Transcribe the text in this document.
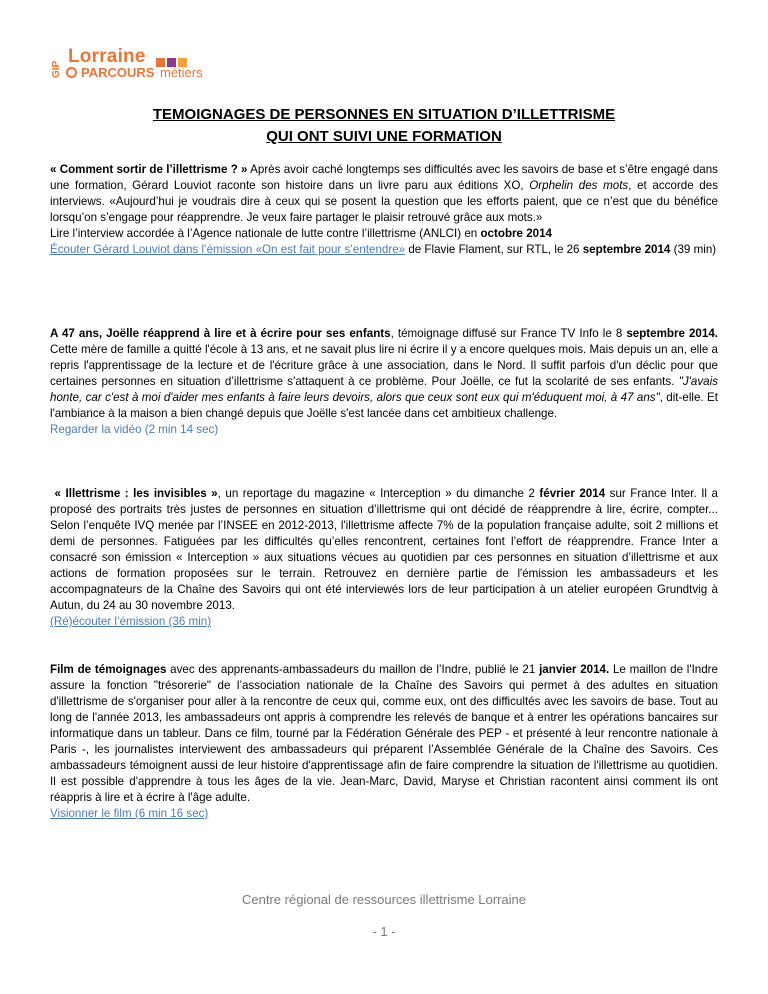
GIP
Lorraine
PARCOURS métiers
TEMOIGNAGES DE PERSONNES EN SITUATION D’ILLETTRISME
QUI ONT SUIVI UNE FORMATION

« Comment sortir de l’illettrisme ? » Après avoir caché longtemps ses difficultés avec les savoirs de base et s’être engagé dans une formation, Gérard Louviot raconte son histoire dans un livre paru aux éditions XO, Orphelin des mots, et accorde des interviews. «Aujourd’hui je voudrais dire à ceux qui se posent la question que les efforts paient, que ce n’est que du bénéfice lorsqu’on s’engage pour réapprendre. Je veux faire partager le plaisir retrouvé grâce aux mots.»

Lire l’interview accordée à l’Agence nationale de lutte contre l’illettrisme (ANLCI) en octobre 2014

Écouter Gérard Louviot dans l’émission «On est fait pour s’entendre» de Flavie Flament, sur RTL, le 26 septembre 2014 (39 min)

A 47 ans, Joëlle réapprend à lire et à écrire pour ses enfants, témoignage diffusé sur France TV Info le 8 septembre 2014. Cette mère de famille a quitté l'école à 13 ans, et ne savait plus lire ni écrire il y a encore quelques mois. Mais depuis un an, elle a repris l'apprentissage de la lecture et de l'écriture grâce à une association, dans le Nord. Il suffit parfois d'un déclic pour que certaines personnes en situation d’illettrisme s'attaquent à ce problème. Pour Joëlle, ce fut la scolarité de ses enfants. "J'avais honte, car c'est à moi d'aider mes enfants à faire leurs devoirs, alors que ceux sont eux qui m'éduquent moi, à 47 ans", dit-elle. Et l'ambiance à la maison a bien changé depuis que Joëlle s'est lancée dans cet ambitieux challenge.

Regarder la vidéo (2 min 14 sec)

« Illettrisme : les invisibles », un reportage du magazine « Interception » du dimanche 2 février 2014 sur France Inter. Il a proposé des portraits très justes de personnes en situation d’illettrisme qui ont décidé de réapprendre à lire, écrire, compter... Selon l’enquête IVQ menée par l’INSEE en 2012-2013, l'illettrisme affecte 7% de la population française adulte, soit 2 millions et demi de personnes. Fatiguées par les difficultés qu’elles rencontrent, certaines font l’effort de réapprendre. France Inter a consacré son émission « Interception » aux situations vécues au quotidien par ces personnes en situation d’illettrisme et aux actions de formation proposées sur le terrain. Retrouvez en dernière partie de l'émission les ambassadeurs et les accompagnateurs de la Chaîne des Savoirs qui ont été interviewés lors de leur participation à un atelier européen Grundtvig à Autun, du 24 au 30 novembre 2013.

(Ré)écouter l’émission (36 min)

Film de témoignages avec des apprenants-ambassadeurs du maillon de l’Indre, publié le 21 janvier 2014. Le maillon de l'Indre assure la fonction "trésorerie" de l’association nationale de la Chaîne des Savoirs qui permet à des adultes en situation d'illettrisme de s'organiser pour aller à la rencontre de ceux qui, comme eux, ont des difficultés avec les savoirs de base. Tout au long de l'année 2013, les ambassadeurs ont appris à comprendre les relevés de banque et à entrer les opérations bancaires sur informatique dans un tableur. Dans ce film, tourné par la Fédération Générale des PEP - et présenté à leur rencontre nationale à Paris -, les journalistes interviewent des ambassadeurs qui préparent l’Assemblée Générale de la Chaîne des Savoirs. Ces ambassadeurs témoignent aussi de leur histoire d'apprentissage afin de faire comprendre la situation de l'illettrisme au quotidien. Il est possible d'apprendre à tous les âges de la vie. Jean-Marc, David, Maryse et Christian racontent ainsi comment ils ont réappris à lire et à écrire à l'âge adulte.

Visionner le film (6 min 16 sec)

Centre régional de ressources illettrisme Lorraine
- 1 -
